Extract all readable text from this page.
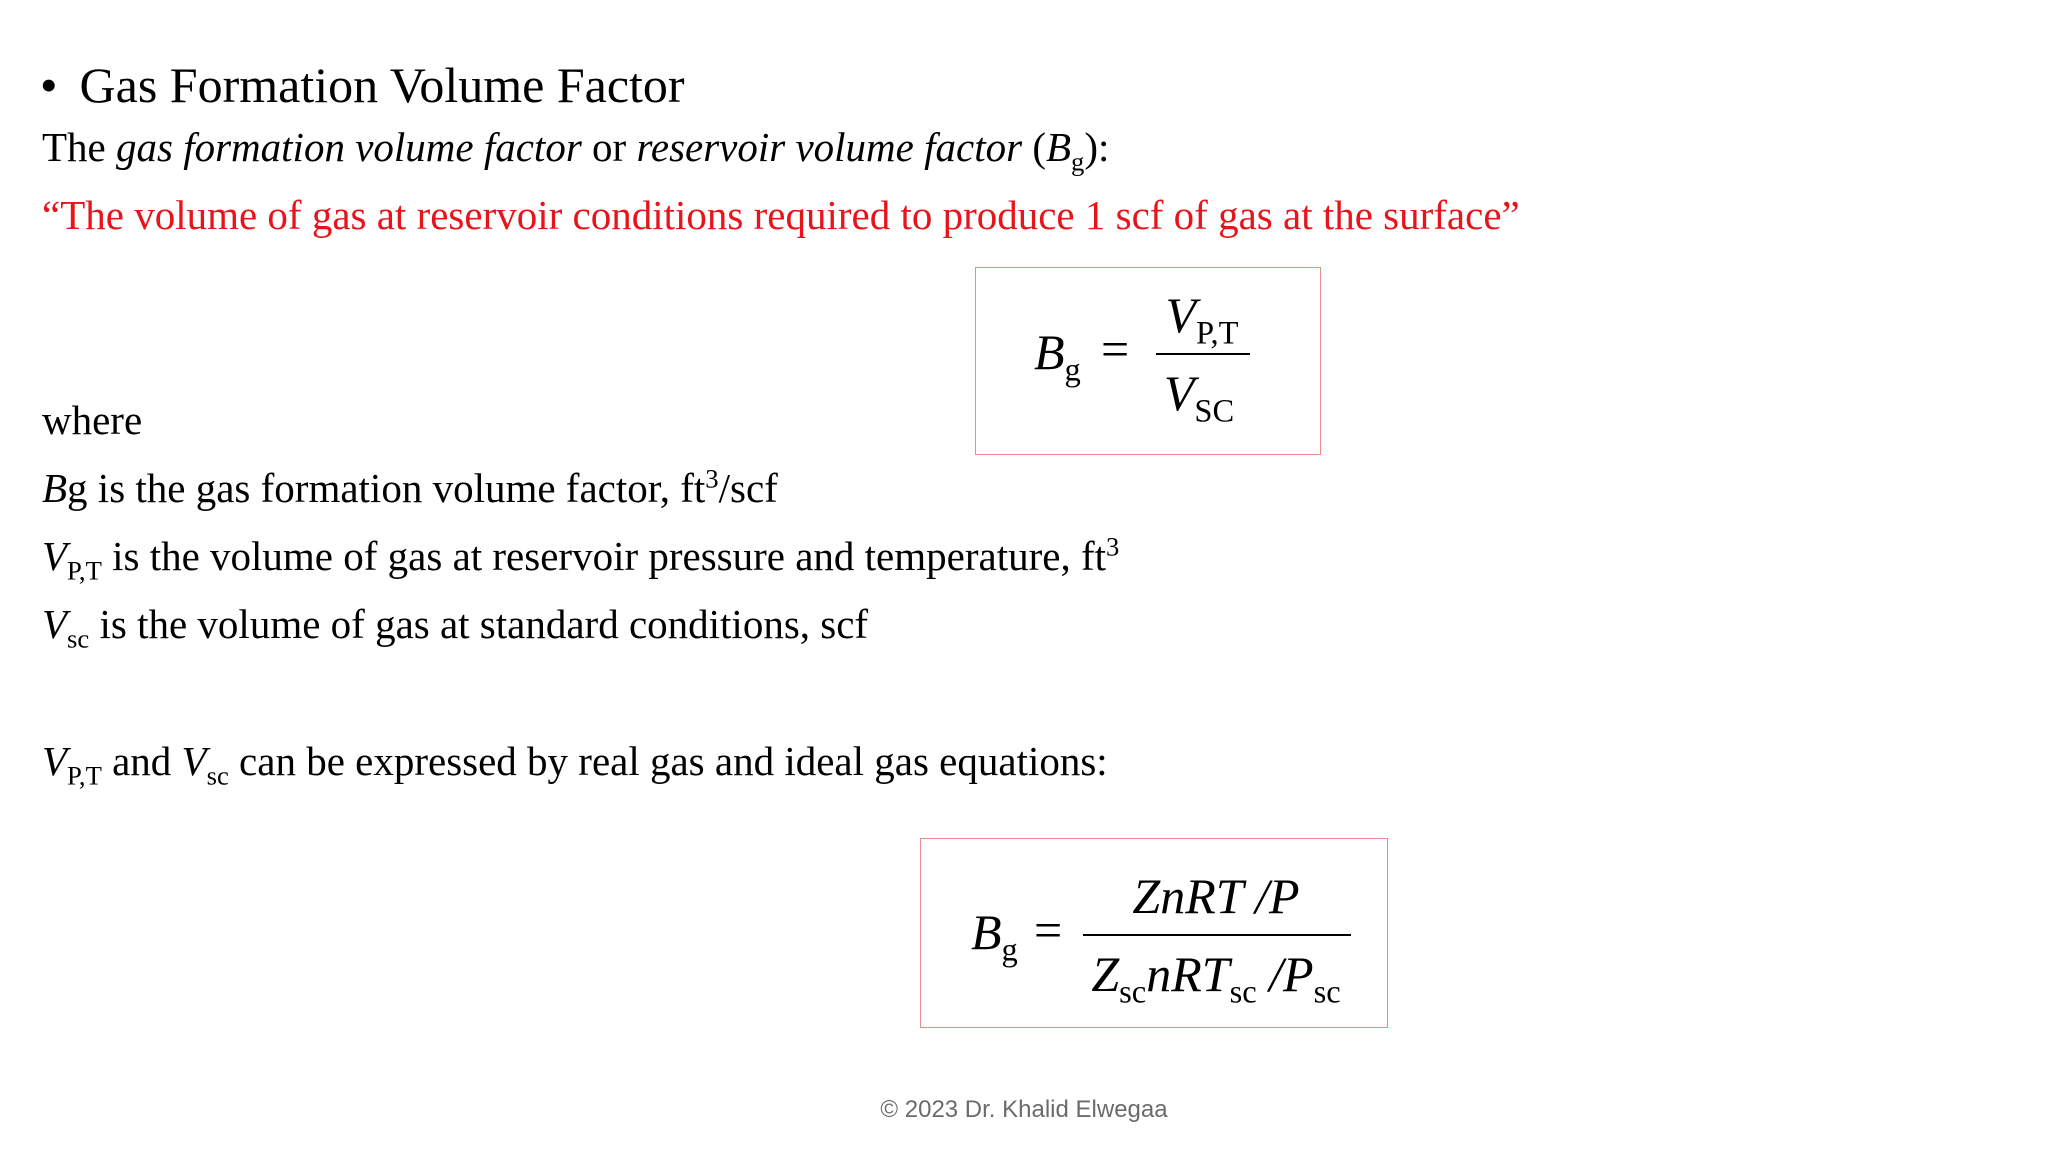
• Gas Formation Volume Factor
The gas formation volume factor or reservoir volume factor $(B_g)$:
“The volume of gas at reservoir conditions required to produce 1 scf of gas at the surface”
$B_g$ =
$V_{P,T}$
$V_{SC}$
where
Bg is the gas formation volume factor, $ft^3$/scf
$V_{P,T}$ is the volume of gas at reservoir pressure and temperature, $ft^3$
$V_{sc}$ is the volume of gas at standard conditions, scf
$V_{P,T}$ and $V_{sc}$ can be expressed by real gas and ideal gas equations:
$B_g$ =
ZnRT /P
$Z_{sc}nRT_{sc}$ $/P_{sc}$
© 2023 Dr. Khalid Elwegaa
